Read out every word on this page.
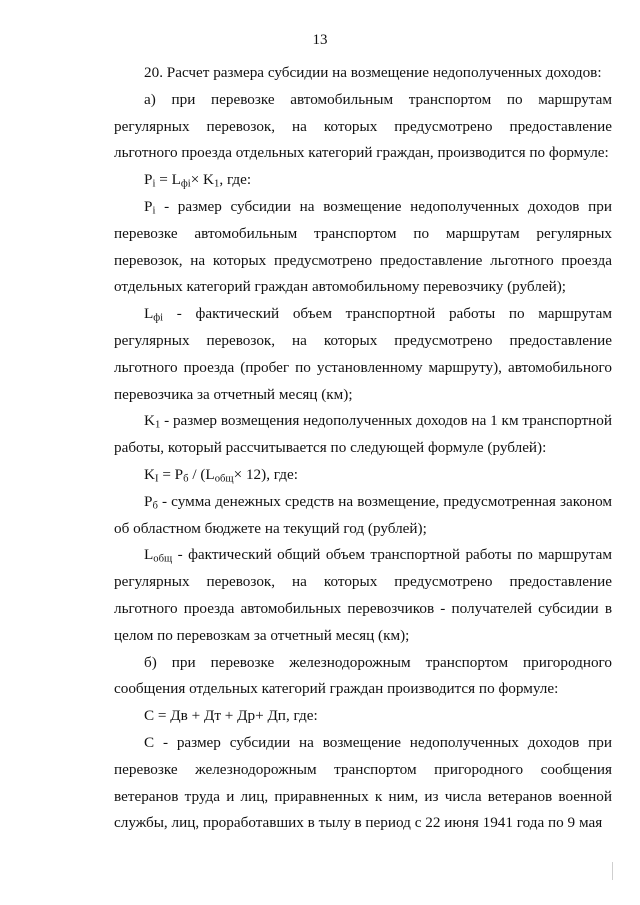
13

20. Расчет размера субсидии на возмещение недополученных доходов:

а) при перевозке автомобильным транспортом по маршрутам регулярных перевозок, на которых предусмотрено предоставление льготного проезда отдельных категорий граждан, производится по формуле:

$P_i = L_{фi}\times K_1$, где:

$P_i$ - размер субсидии на возмещение недополученных доходов при перевозке автомобильным транспортом по маршрутам регулярных перевозок, на которых предусмотрено предоставление льготного проезда отдельных категорий граждан автомобильному перевозчику (рублей);

$L_{фi}$ - фактический объем транспортной работы по маршрутам регулярных перевозок, на которых предусмотрено предоставление льготного проезда (пробег по установленному маршруту), автомобильного перевозчика за отчетный месяц (км);

$K_1$ - размер возмещения недополученных доходов на 1 км транспортной работы, который рассчитывается по следующей формуле (рублей):

$K_I = P_б / (L_{общ}\times 12)$, где:

$P_б$ - сумма денежных средств на возмещение, предусмотренная законом об областном бюджете на текущий год (рублей);

$L_{общ}$ - фактический общий объем транспортной работы по маршрутам регулярных перевозок, на которых предусмотрено предоставление льготного проезда автомобильных перевозчиков - получателей субсидии в целом по перевозкам за отчетный месяц (км);

б) при перевозке железнодорожным транспортом пригородного сообщения отдельных категорий граждан производится по формуле:

С = Дв + Дт + Др+ Дп, где:

С - размер субсидии на возмещение недополученных доходов при перевозке железнодорожным транспортом пригородного сообщения ветеранов труда и лиц, приравненных к ним, из числа ветеранов военной службы, лиц, проработавших в тылу в период с 22 июня 1941 года по 9 мая
